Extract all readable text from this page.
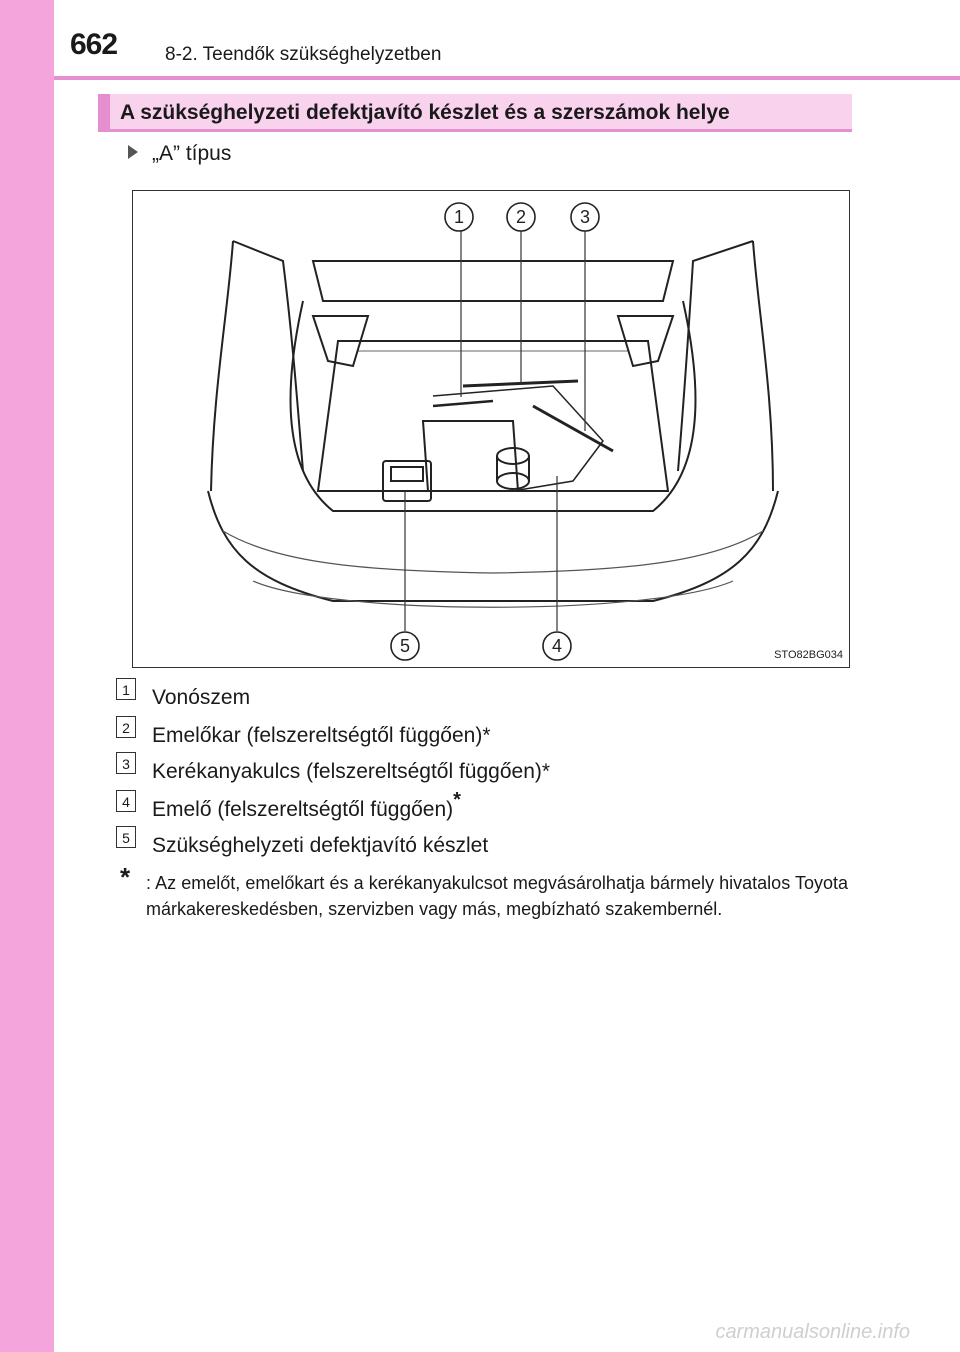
662	8-2. Teendők szükséghelyzetben
A szükséghelyzeti defektjavító készlet és a szerszámok helye
„A” típus
1	2	3
4
5	STO82BG034
1 Vonószem
2 Emelőkar (felszereltségtől függően)*
3 Kerékanyakulcs (felszereltségtől függően)*
4 Emelő (felszereltségtől függően)*
5 Szükséghelyzeti defektjavító készlet
* : Az emelőt, emelőkart és a kerékanyakulcsot megvásárolhatja bármely hivatalos Toyota márkakereskedésben, szervizben vagy más, megbízható szakembernél.
carmanualsonline.info
